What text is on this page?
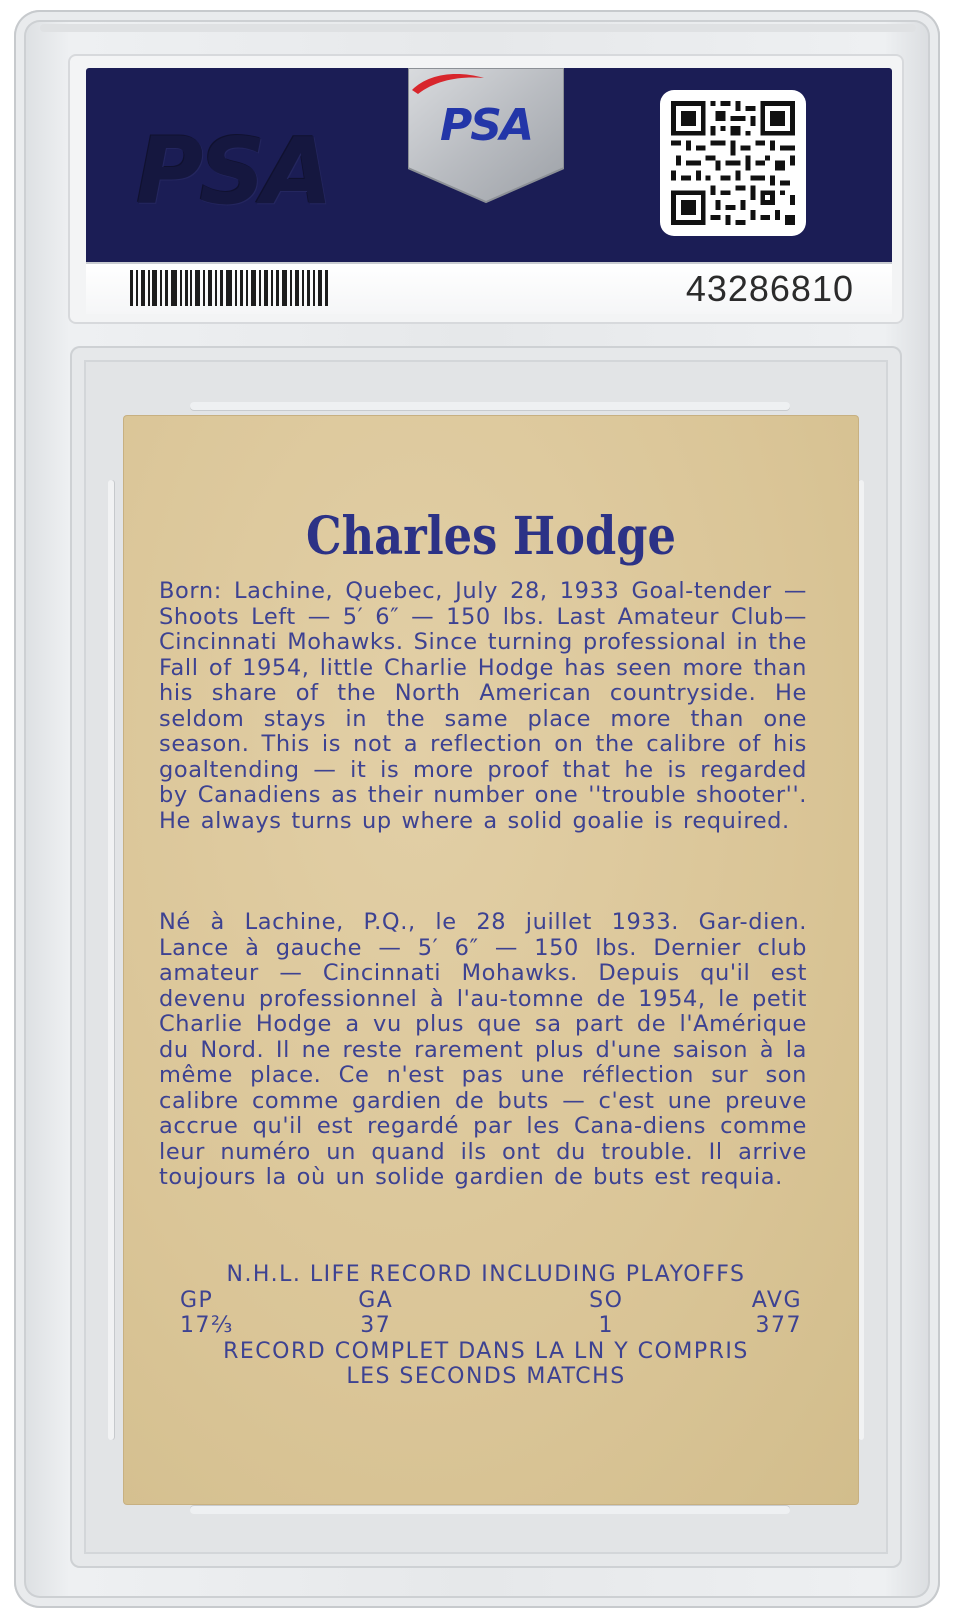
PSA	PSA
43286810
Charles Hodge
Born: Lachine, Quebec, July 28, 1933 Goal-tender — Shoots Left — 5′ 6″ — 150 lbs. Last Amateur Club—Cincinnati Mohawks. Since turning professional in the Fall of 1954, little Charlie Hodge has seen more than his share of the North American countryside. He seldom stays in the same place more than one season. This is not a reflection on the calibre of his goaltending — it is more proof that he is regarded by Canadiens as their number one ''trouble shooter''. He always turns up where a solid goalie is required.
Né à Lachine, P.Q., le 28 juillet 1933. Gar-dien. Lance à gauche — 5′ 6″ — 150 lbs. Dernier club amateur — Cincinnati Mohawks. Depuis qu'il est devenu professionnel à l'au-tomne de 1954, le petit Charlie Hodge a vu plus que sa part de l'Amérique du Nord. Il ne reste rarement plus d'une saison à la même place. Ce n'est pas une réflection sur son calibre comme gardien de buts — c'est une preuve accrue qu'il est regardé par les Cana-diens comme leur numéro un quand ils ont du trouble. Il arrive toujours la où un solide gardien de buts est requia.
N.H.L. LIFE RECORD INCLUDING PLAYOFFS
GP	GA	SO	AVG
17⅔	37	1	377
RECORD COMPLET DANS LA LN Y COMPRIS
LES SECONDS MATCHS
